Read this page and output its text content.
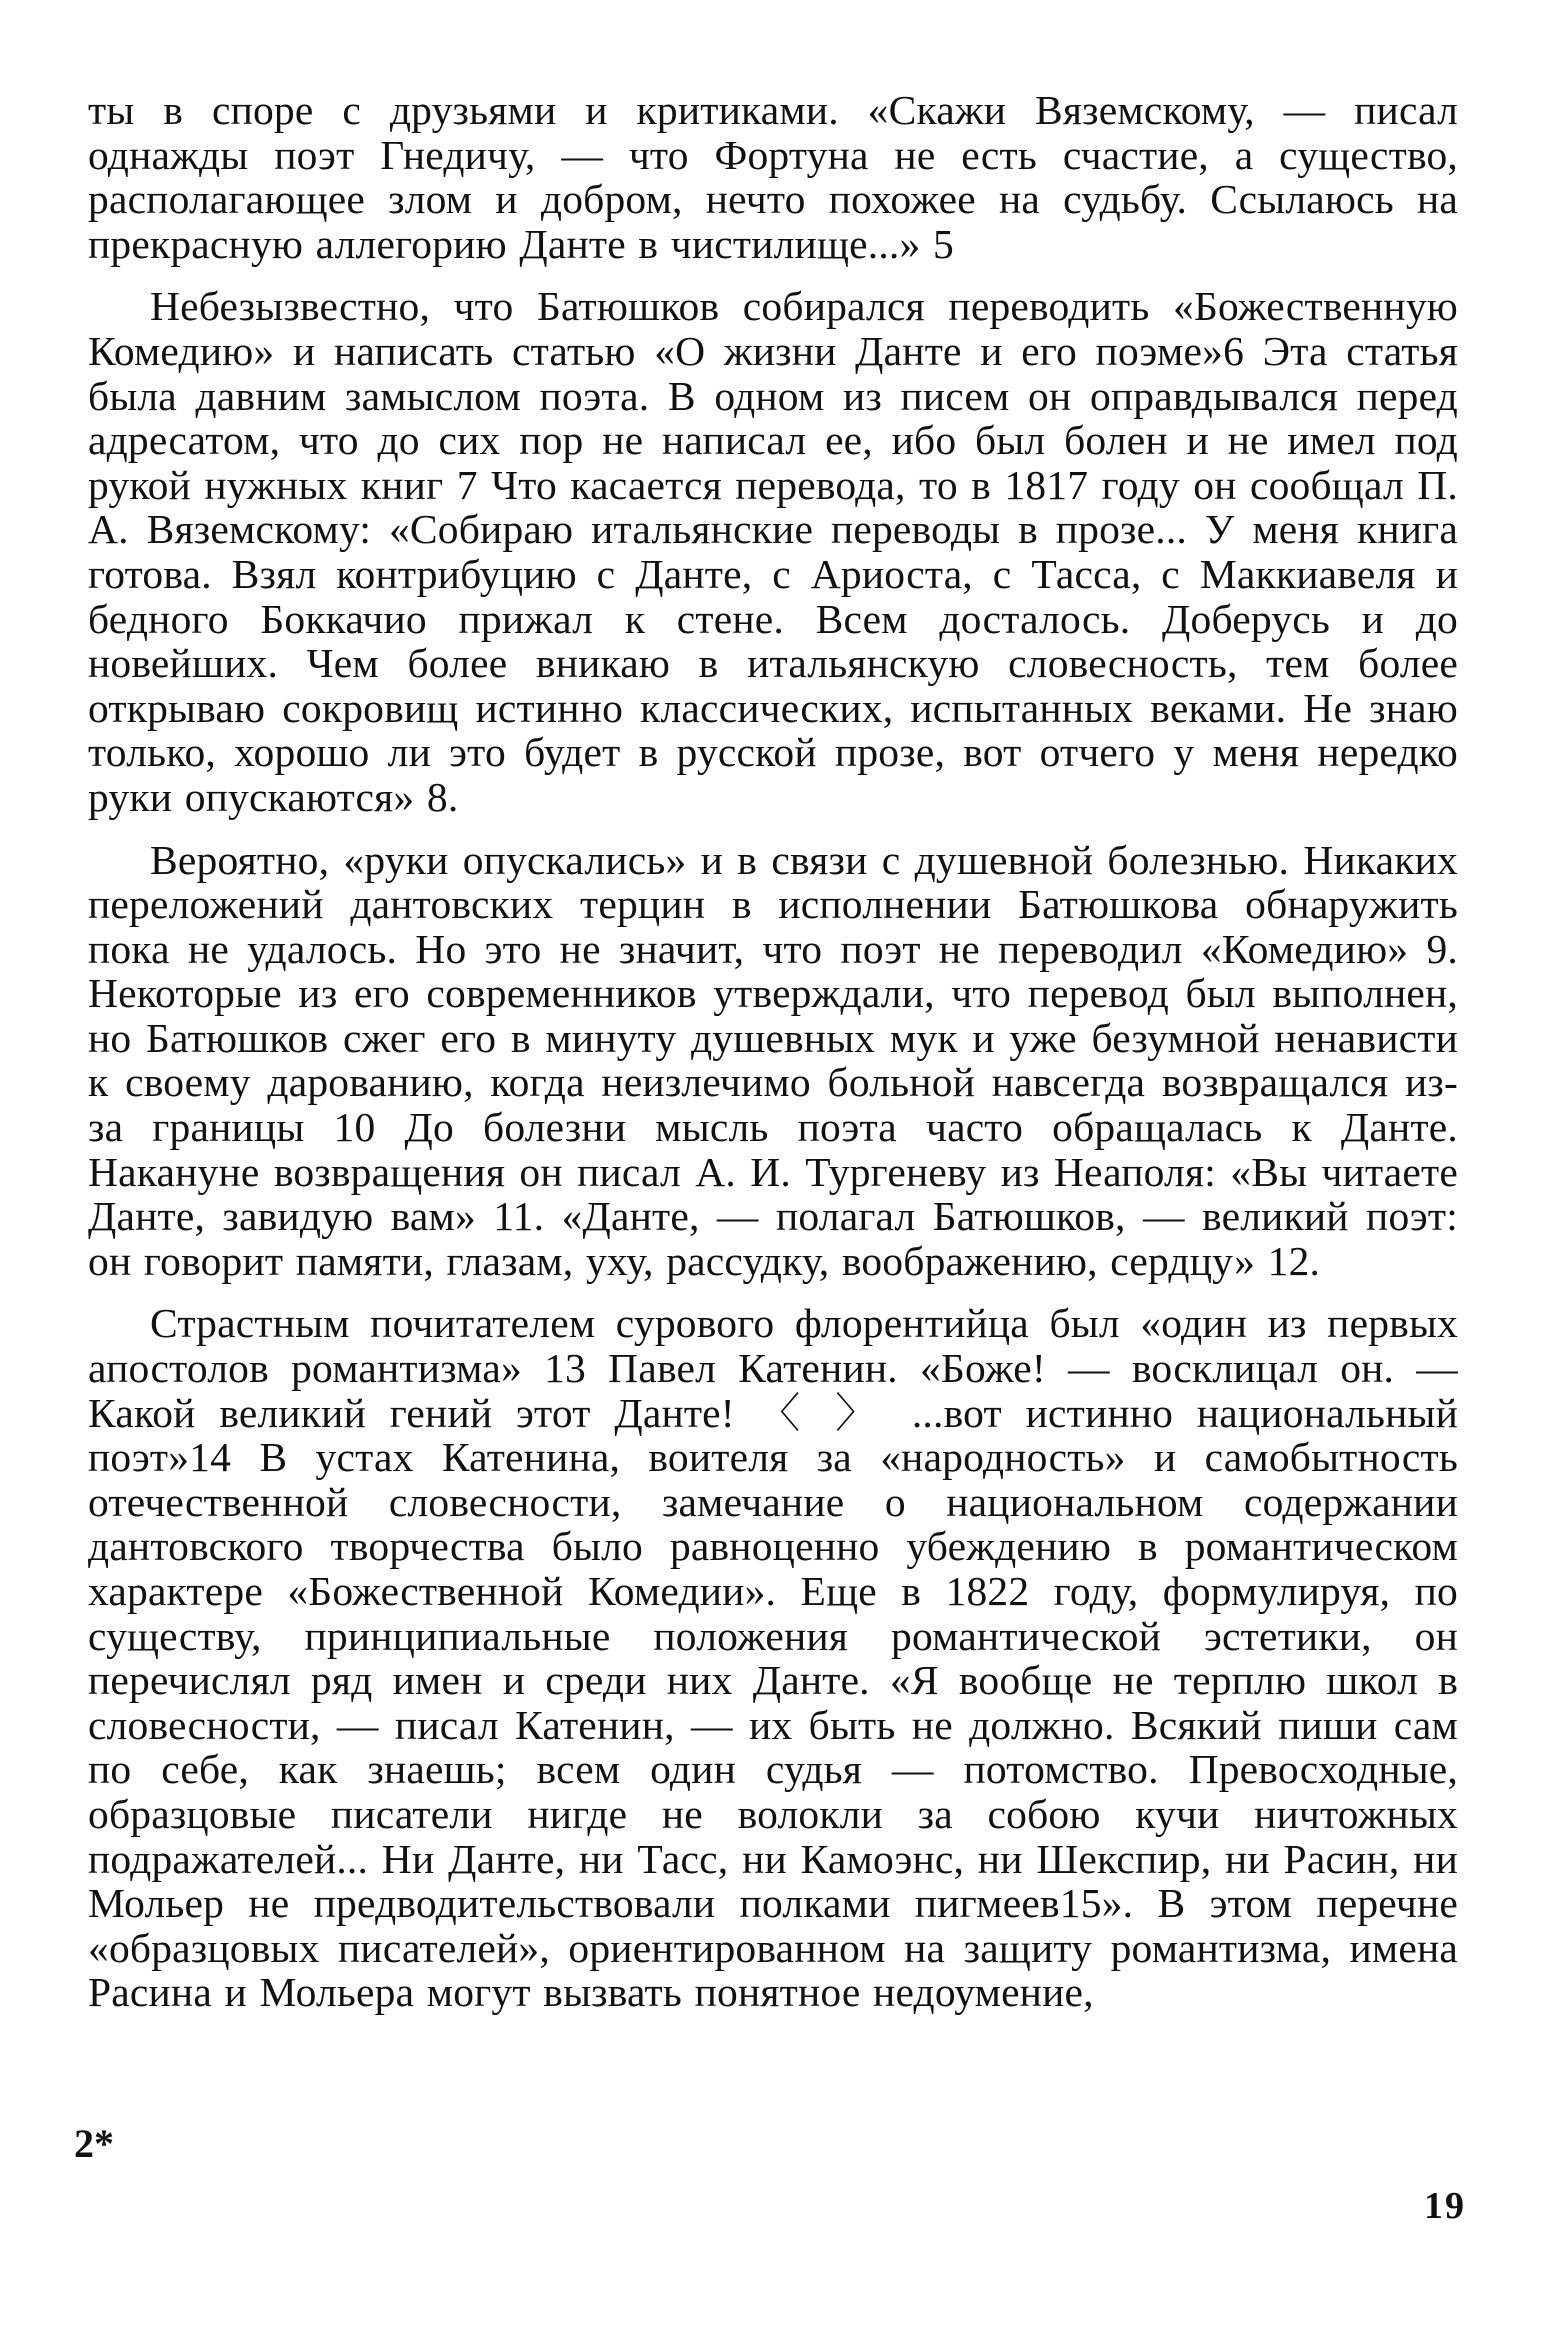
ты в споре с друзьями и критиками. «Скажи Вяземскому, — писал однажды поэт Гнедичу, — что Фортуна не есть счастие, а существо, располагающее злом и добром, нечто похожее на судьбу. Ссылаюсь на прекрасную аллегорию Данте в чистилище...» 5

Небезызвестно, что Батюшков собирался переводить «Божественную Комедию» и написать статью «О жизни Данте и его поэме»6 Эта статья была давним замыслом поэта. В одном из писем он оправдывался перед адресатом, что до сих пор не написал ее, ибо был болен и не имел под рукой нужных книг 7 Что касается перевода, то в 1817 году он сообщал П. А. Вяземскому: «Собираю итальянские переводы в прозе... У меня книга готова. Взял контрибуцию с Данте, с Ариоста, с Тасса, с Маккиавеля и бедного Боккачио прижал к стене. Всем досталось. Доберусь и до новейших. Чем более вникаю в итальянскую словесность, тем более открываю сокровищ истинно классических, испытанных веками. Не знаю только, хорошо ли это будет в русской прозе, вот отчего у меня нередко руки опускаются» 8.

Вероятно, «руки опускались» и в связи с душевной болезнью. Никаких переложений дантовских терцин в исполнении Батюшкова обнаружить пока не удалось. Но это не значит, что поэт не переводил «Комедию» 9. Некоторые из его современников утверждали, что перевод был выполнен, но Батюшков сжег его в минуту душевных мук и уже безумной ненависти к своему дарованию, когда неизлечимо больной навсегда возвращался из-за границы 10 До болезни мысль поэта часто обращалась к Данте. Накануне возвращения он писал А. И. Тургеневу из Неаполя: «Вы читаете Данте, завидую вам» 11. «Данте, — полагал Батюшков, — великий поэт: он говорит памяти, глазам, уху, рассудку, воображению, сердцу» 12.

Страстным почитателем сурового флорентийца был «один из первых апостолов романтизма» 13 Павел Катенин. «Боже! — восклицал он. — Какой великий гений этот Данте! 〈 〉 ...вот истинно национальный поэт»14 В устах Катенина, воителя за «народность» и самобытность отечественной словесности, замечание о национальном содержании дантовского творчества было равноценно убеждению в романтическом характере «Божественной Комедии». Еще в 1822 году, формулируя, по существу, принципиальные положения романтической эстетики, он перечислял ряд имен и среди них Данте. «Я вообще не терплю школ в словесности, — писал Катенин, — их быть не должно. Всякий пиши сам по себе, как знаешь; всем один судья — потомство. Превосходные, образцовые писатели нигде не волокли за собою кучи ничтожных подражателей... Ни Данте, ни Тасс, ни Камоэнс, ни Шекспир, ни Расин, ни Мольер не предводительствовали полками пигмеев15». В этом перечне «образцовых писателей», ориентированном на защиту романтизма, имена Расина и Мольера могут вызвать понятное недоумение,

2*
19
